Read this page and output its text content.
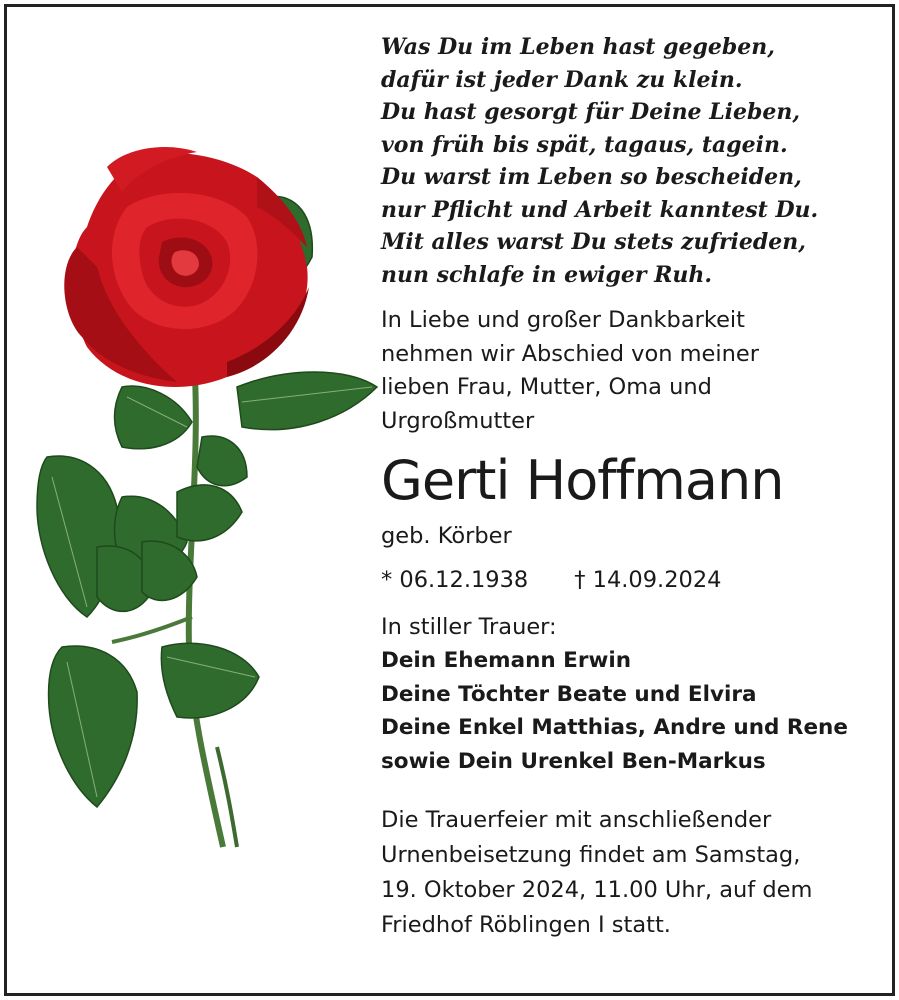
Was Du im Leben hast gegeben,
dafür ist jeder Dank zu klein.
Du hast gesorgt für Deine Lieben,
von früh bis spät, tagaus, tagein.
Du warst im Leben so bescheiden,
nur Pflicht und Arbeit kanntest Du.
Mit alles warst Du stets zufrieden,
nun schlafe in ewiger Ruh.
In Liebe und großer Dankbarkeit
nehmen wir Abschied von meiner
lieben Frau, Mutter, Oma und
Urgroßmutter
Gerti Hoffmann
geb. Körber
* 06.12.1938 † 14.09.2024
In stiller Trauer:
Dein Ehemann Erwin
Deine Töchter Beate und Elvira
Deine Enkel Matthias, Andre und Rene
sowie Dein Urenkel Ben-Markus
Die Trauerfeier mit anschließender
Urnenbeisetzung findet am Samstag,
19. Oktober 2024, 11.00 Uhr, auf dem
Friedhof Röblingen I statt.
